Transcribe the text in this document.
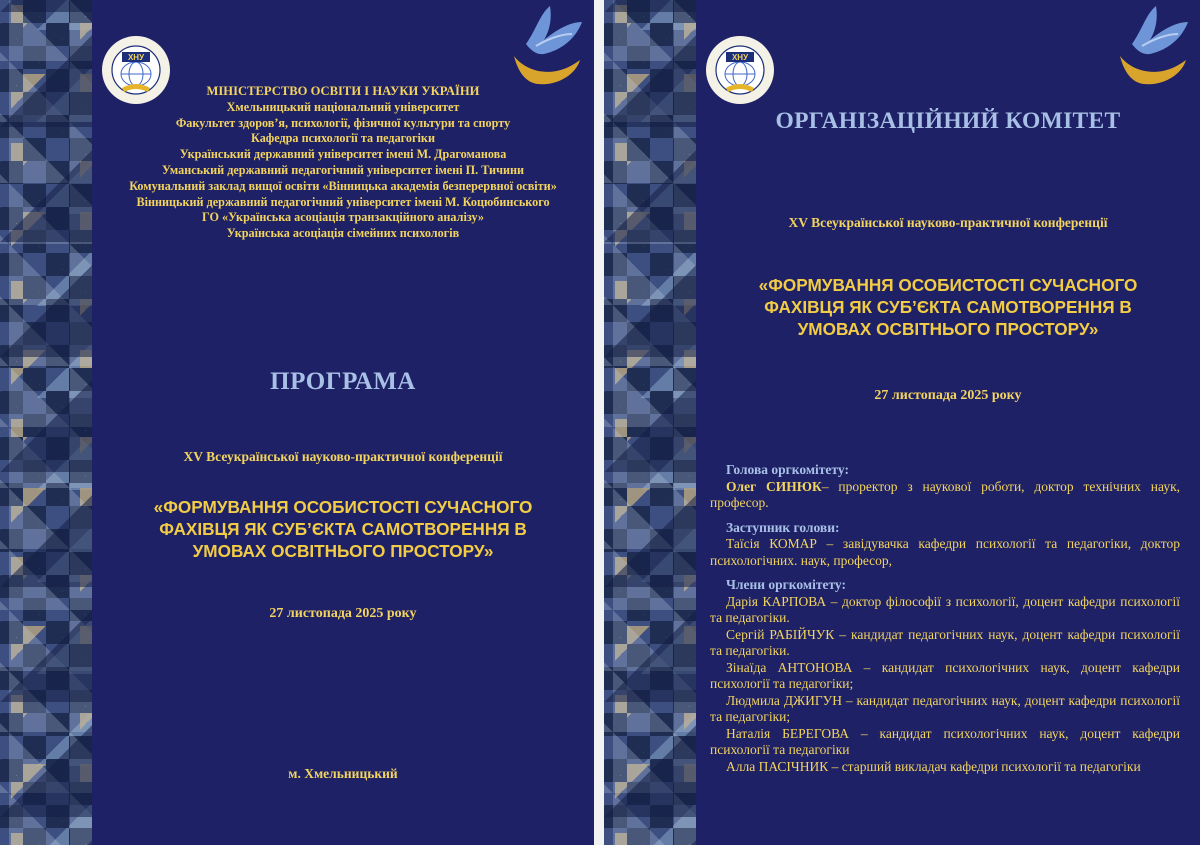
ХНУ
МІНІСТЕРСТВО ОСВІТИ І НАУКИ УКРАЇНИ
Хмельницький національний університет
Факультет здоров’я, психології, фізичної культури та спорту
Кафедра психології та педагогіки
Український державний університет імені М. Драгоманова
Уманський державний педагогічний університет імені П. Тичини
Комунальний заклад вищої освіти «Вінницька академія безперервної освіти»
Вінницький державний педагогічний університет імені М. Коцюбинського
ГО «Українська асоціація транзакційного аналізу»
Українська асоціація сімейних психологів
ПРОГРАМА
XV Всеукраїнської науково-практичної конференції
«ФОРМУВАННЯ ОСОБИСТОСТІ СУЧАСНОГО
ФАХІВЦЯ ЯК СУБ’ЄКТА САМОТВОРЕННЯ В
УМОВАХ ОСВІТНЬОГО ПРОСТОРУ»
27 листопада 2025 року
м. Хмельницький
ХНУ
ОРГАНІЗАЦІЙНИЙ КОМІТЕТ
XV Всеукраїнської науково-практичної конференції
«ФОРМУВАННЯ ОСОБИСТОСТІ СУЧАСНОГО
ФАХІВЦЯ ЯК СУБ’ЄКТА САМОТВОРЕННЯ В
УМОВАХ ОСВІТНЬОГО ПРОСТОРУ»
27 листопада 2025 року
Голова оргкомітету:

Олег СИНЮК– проректор з наукової роботи, доктор технічних наук, професор.

Заступник голови:

Таїсія КОМАР – завідувачка кафедри психології та педагогіки, доктор психологічних. наук, професор,

Члени оргкомітету:

Дарія КАРПОВА – доктор філософії з психології, доцент кафедри психології та педагогіки.

Сергій РАБІЙЧУК – кандидат педагогічних наук, доцент кафедри психології та педагогіки.

Зінаїда АНТОНОВА – кандидат психологічних наук, доцент кафедри психології та педагогіки;

Людмила ДЖИГУН – кандидат педагогічних наук, доцент кафедри психології та педагогіки;

Наталія БЕРЕГОВА – кандидат психологічних наук, доцент кафедри психології та педагогіки

Алла ПАСІЧНИК – старший викладач кафедри психології та педагогіки
